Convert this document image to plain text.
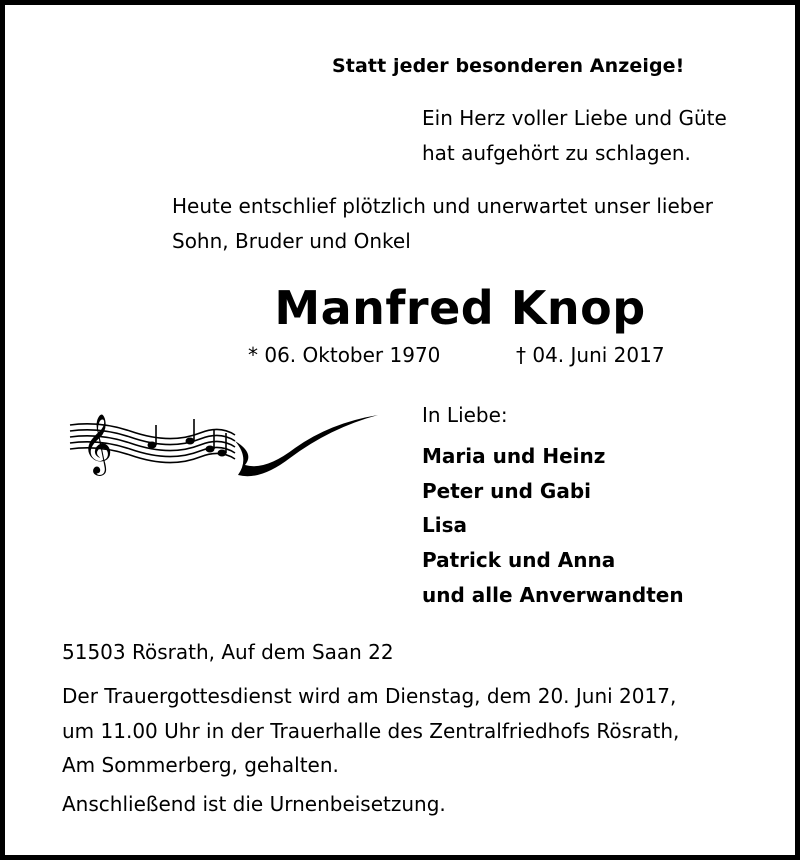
Statt jeder besonderen Anzeige!
Ein Herz voller Liebe und Güte
hat aufgehört zu schlagen.
Heute entschlief plötzlich und unerwartet unser lieber
Sohn, Bruder und Onkel
Manfred Knop
* 06. Oktober 1970	† 04. Juni 2017
𝄞	In Liebe:
Maria und Heinz
Peter und Gabi
Lisa
Patrick und Anna
und alle Anverwandten
51503 Rösrath, Auf dem Saan 22
Der Trauergottesdienst wird am Dienstag, dem 20. Juni 2017,
um 11.00 Uhr in der Trauerhalle des Zentralfriedhofs Rösrath,
Am Sommerberg, gehalten.
Anschließend ist die Urnenbeisetzung.
